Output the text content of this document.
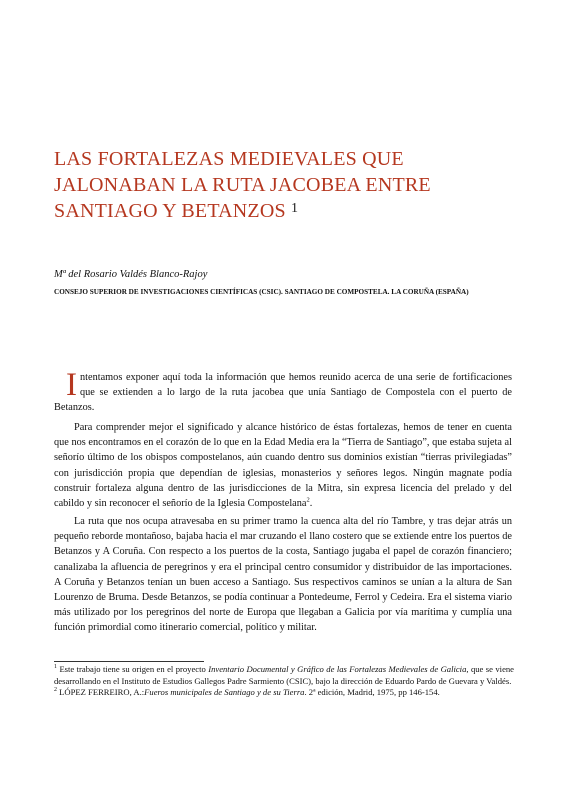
LAS FORTALEZAS MEDIEVALES QUE
JALONABAN LA RUTA JACOBEA ENTRE
SANTIAGO Y BETANZOS $^1$
Mª del Rosario Valdés Blanco-Rajoy
CONSEJO SUPERIOR DE INVESTIGACIONES CIENTÍFICAS (CSIC). SANTIAGO DE COMPOSTELA. LA CORUÑA (ESPAÑA)

Intentamos exponer aquí toda la información que hemos reunido acerca de una serie de fortificaciones que se extienden a lo largo de la ruta jacobea que unía Santiago de Compostela con el puerto de Betanzos.

Para comprender mejor el significado y alcance histórico de éstas fortalezas, hemos de tener en cuenta que nos encontramos en el corazón de lo que en la Edad Media era la “Tierra de Santiago”, que estaba sujeta al señorío último de los obispos compostelanos, aún cuando dentro sus dominios existían “tierras privilegiadas” con jurisdicción propia que dependían de iglesias, monasterios y señores legos. Ningún magnate podía construir fortaleza alguna dentro de las jurisdicciones de la Mitra, sin expresa licencia del prelado y del cabildo y sin reconocer el señorío de la Iglesia Compostelana$^2$.

La ruta que nos ocupa atravesaba en su primer tramo la cuenca alta del río Tambre, y tras dejar atrás un pequeño reborde montañoso, bajaba hacia el mar cruzando el llano costero que se extiende entre los puertos de Betanzos y A Coruña. Con respecto a los puertos de la costa, Santiago jugaba el papel de corazón financiero; canalizaba la afluencia de peregrinos y era el principal centro consumidor y distribuidor de las importaciones. A Coruña y Betanzos tenían un buen acceso a Santiago. Sus respectivos caminos se unían a la altura de San Lourenzo de Bruma. Desde Betanzos, se podía continuar a Pontedeume, Ferrol y Cedeira. Era el sistema viario más utilizado por los peregrinos del norte de Europa que llegaban a Galicia por vía marítima y cumplía una función primordial como itinerario comercial, político y militar.

$^1$ Este trabajo tiene su origen en el proyecto Inventario Documental y Gráfico de las Fortalezas Medievales de Galicia, que se viene desarrollando en el Instituto de Estudios Gallegos Padre Sarmiento (CSIC), bajo la dirección de Eduardo Pardo de Guevara y Valdés.

$^2$ LÓPEZ FERREIRO, A.:Fueros municipales de Santiago y de su Tierra. 2ª edición, Madrid, 1975, pp 146-154.
